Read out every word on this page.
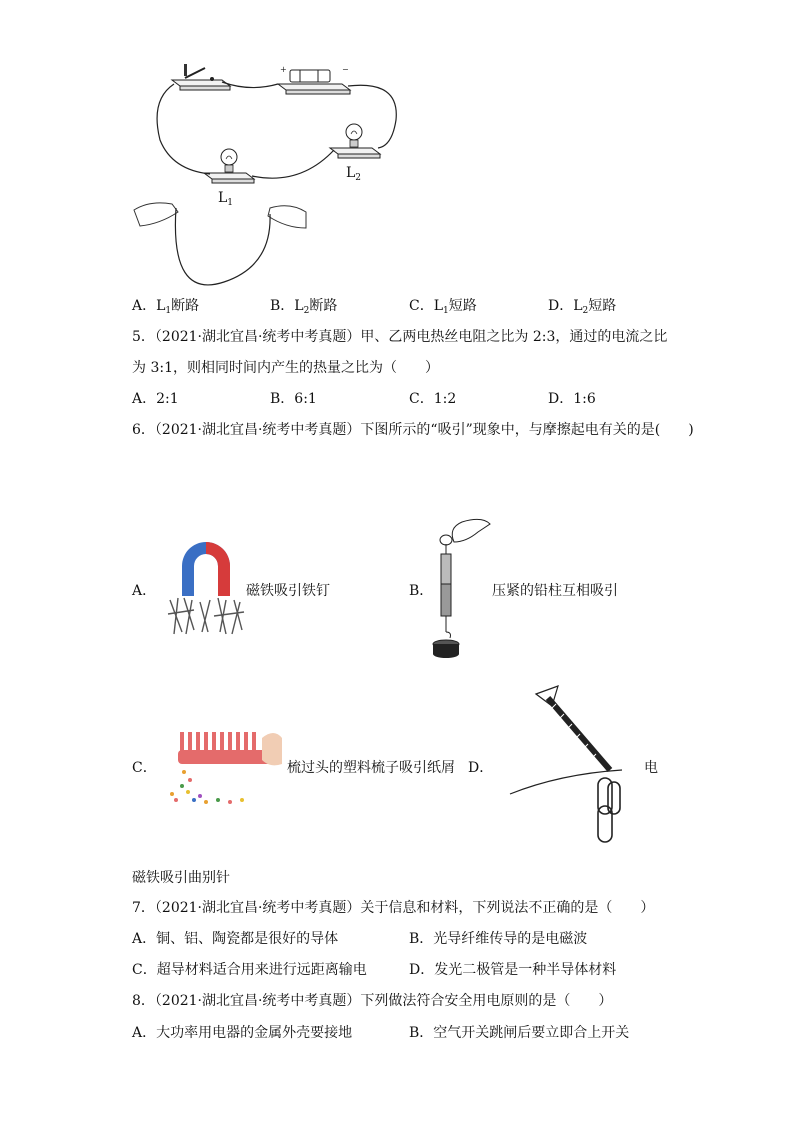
+	−
$L_2$
$L_1$
A．$L_1$断路	B．$L_2$断路	C．$L_1$短路	D．$L_2$短路
5．（2021·湖北宜昌·统考中考真题）甲、乙两电热丝电阻之比为 2:3，通过的电流之比
为 3:1，则相同时间内产生的热量之比为（　　）
A．2:1	B．6:1	C．1:2	D．1:6
6．（2021·湖北宜昌·统考中考真题）下图所示的“吸引”现象中，与摩擦起电有关的是(　　)
A．	磁铁吸引铁钉	B．	压紧的铅柱互相吸引
C．	梳过头的塑料梳子吸引纸屑 D．	电
磁铁吸引曲别针
7．（2021·湖北宜昌·统考中考真题）关于信息和材料，下列说法不正确的是（　　）
A．铜、铝、陶瓷都是很好的导体	B．光导纤维传导的是电磁波
C．超导材料适合用来进行远距离输电	D．发光二极管是一种半导体材料
8．（2021·湖北宜昌·统考中考真题）下列做法符合安全用电原则的是（　　）
A．大功率用电器的金属外壳要接地	B．空气开关跳闸后要立即合上开关
